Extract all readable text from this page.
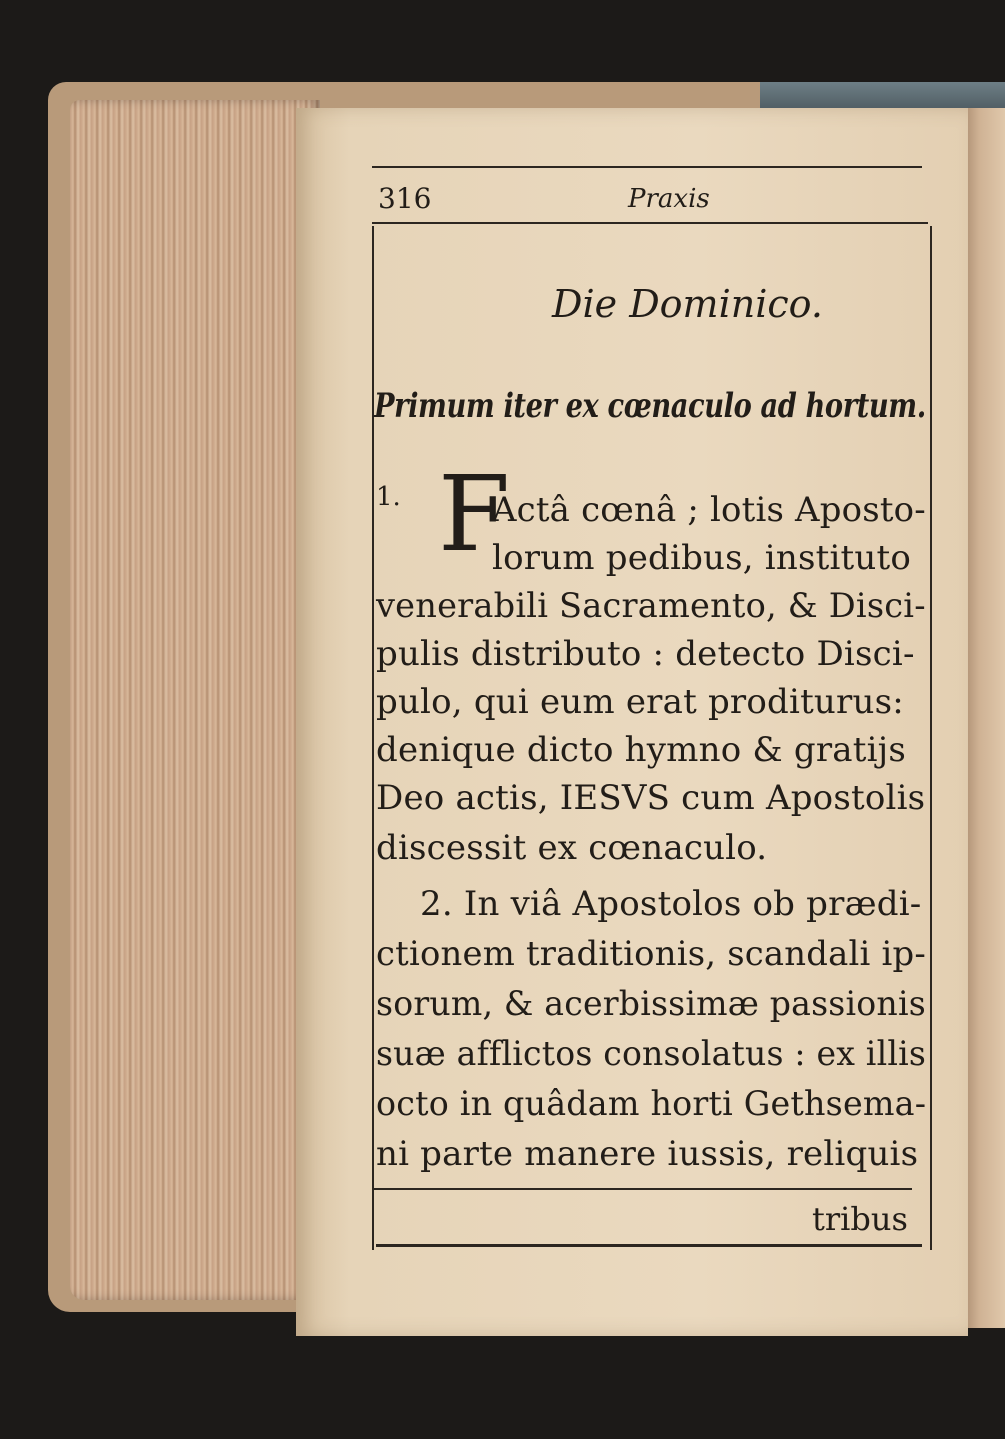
316	Praxis
Die Dominico.
Primum iter ex cœnaculo ad hortum.
1. F
Actâ cœnâ ; lotis Aposto-
lorum pedibus, instituto
venerabili Sacramento, & Disci-
pulis distributo : detecto Disci-
pulo, qui eum erat proditurus:
denique dicto hymno & gratijs
Deo actis, IESVS cum Apostolis
discessit ex cœnaculo.
2. In viâ Apostolos ob prædi-
ctionem traditionis, scandali ip-
sorum, & acerbissimæ passionis
suæ afflictos consolatus : ex illis
octo in quâdam horti Gethsema-
ni parte manere iussis, reliquis
tribus
